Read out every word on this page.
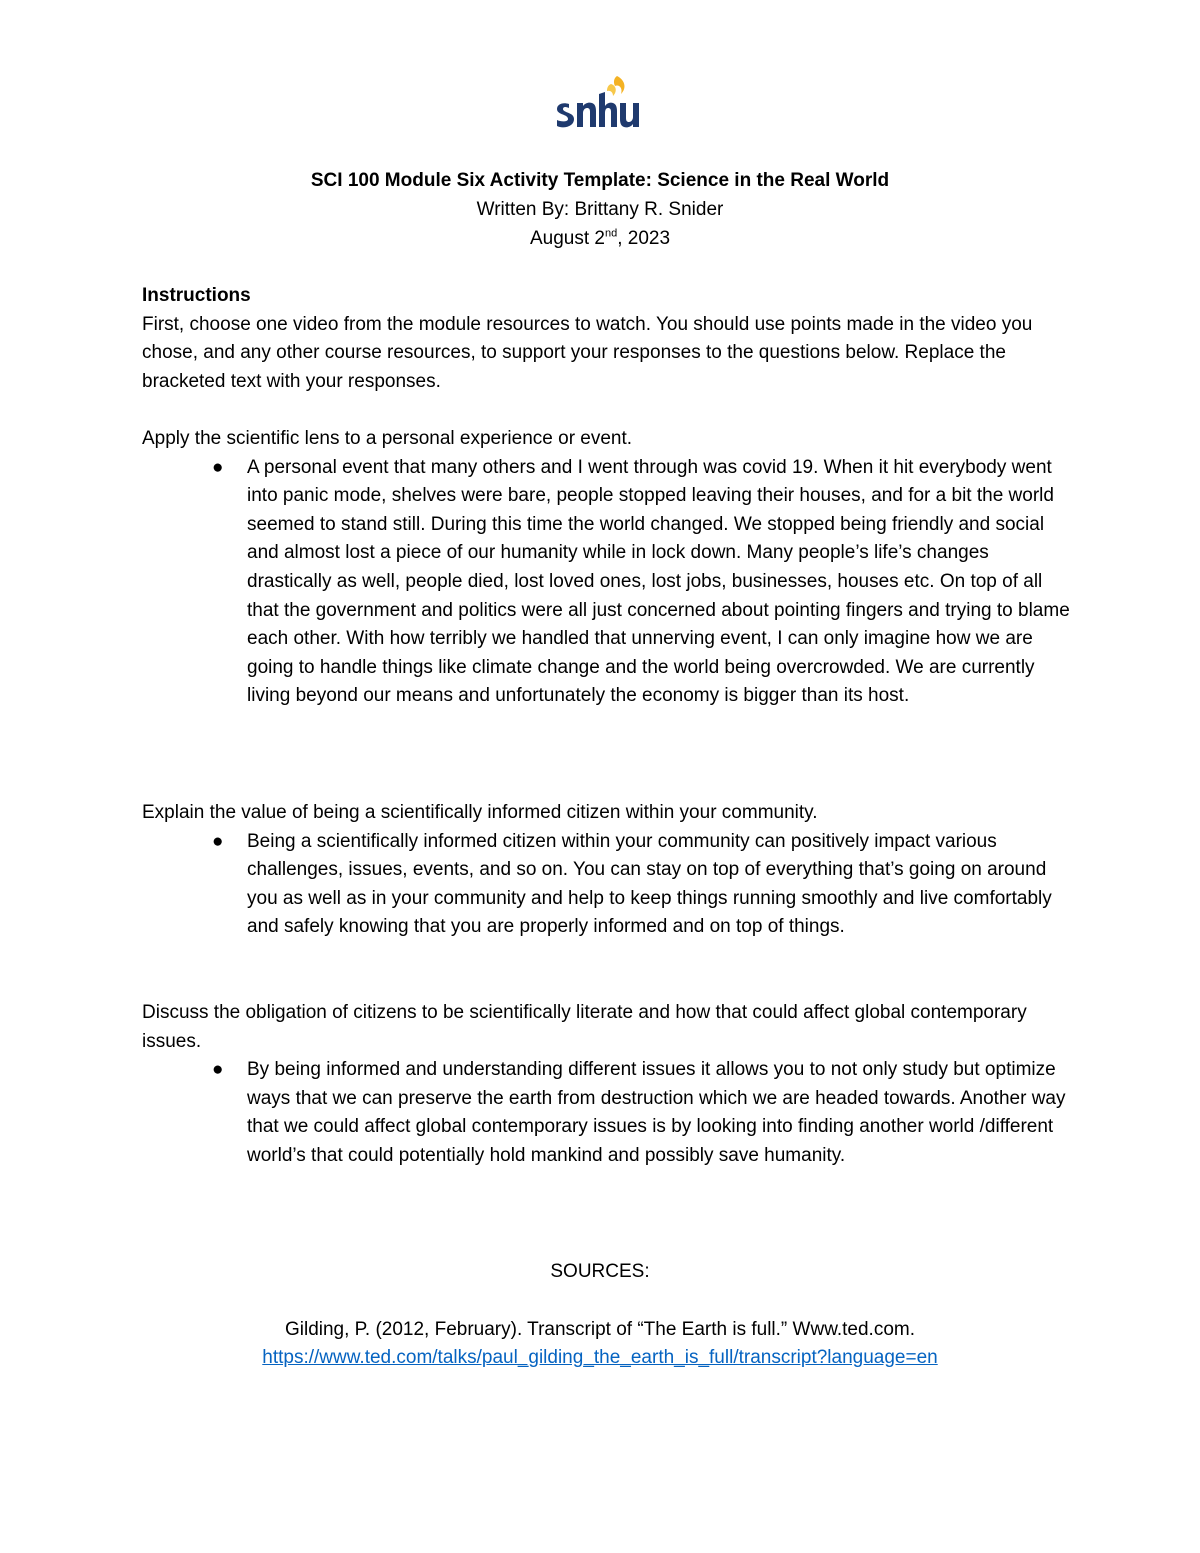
SCI 100 Module Six Activity Template: Science in the Real World
Written By: Brittany R. Snider
August 2nd, 2023
Instructions
First, choose one video from the module resources to watch. You should use points made in the video you chose, and any other course resources, to support your responses to the questions below. Replace the bracketed text with your responses.
Apply the scientific lens to a personal experience or event.
● A personal event that many others and I went through was covid 19. When it hit everybody went into panic mode, shelves were bare, people stopped leaving their houses, and for a bit the world seemed to stand still. During this time the world changed. We stopped being friendly and social and almost lost a piece of our humanity while in lock down. Many people’s life’s changes drastically as well, people died, lost loved ones, lost jobs, businesses, houses etc. On top of all that the government and politics were all just concerned about pointing fingers and trying to blame each other. With how terribly we handled that unnerving event, I can only imagine how we are going to handle things like climate change and the world being overcrowded. We are currently living beyond our means and unfortunately the economy is bigger than its host.
Explain the value of being a scientifically informed citizen within your community.
● Being a scientifically informed citizen within your community can positively impact various challenges, issues, events, and so on. You can stay on top of everything that’s going on around you as well as in your community and help to keep things running smoothly and live comfortably and safely knowing that you are properly informed and on top of things.
Discuss the obligation of citizens to be scientifically literate and how that could affect global contemporary issues.
● By being informed and understanding different issues it allows you to not only study but optimize ways that we can preserve the earth from destruction which we are headed towards. Another way that we could affect global contemporary issues is by looking into finding another world /different world’s that could potentially hold mankind and possibly save humanity.
SOURCES:
Gilding, P. (2012, February). Transcript of “The Earth is full.” Www.ted.com.
https://www.ted.com/talks/paul_gilding_the_earth_is_full/transcript?language=en
